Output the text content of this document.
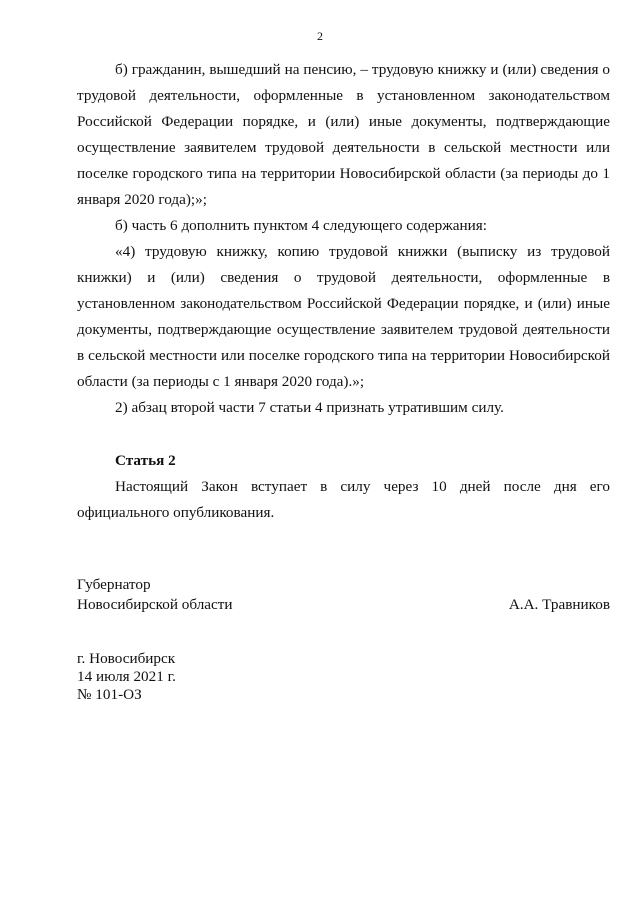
2

б) гражданин, вышедший на пенсию, – трудовую книжку и (или) сведения о трудовой деятельности, оформленные в установленном законодательством Российской Федерации порядке, и (или) иные документы, подтверждающие осуществление заявителем трудовой деятельности в сельской местности или поселке городского типа на территории Новосибирской области (за периоды до 1 января 2020 года);»;

б) часть 6 дополнить пунктом 4 следующего содержания:

«4) трудовую книжку, копию трудовой книжки (выписку из трудовой книжки) и (или) сведения о трудовой деятельности, оформленные в установленном законодательством Российской Федерации порядке, и (или) иные документы, подтверждающие осуществление заявителем трудовой деятельности в сельской местности или поселке городского типа на территории Новосибирской области (за периоды с 1 января 2020 года).»;

2) абзац второй части 7 статьи 4 признать утратившим силу.

Статья 2

Настоящий Закон вступает в силу через 10 дней после дня его официального опубликования.

Губернатор
Новосибирской области	А.А. Травников
г. Новосибирск
14 июля 2021 г.
№ 101-ОЗ
